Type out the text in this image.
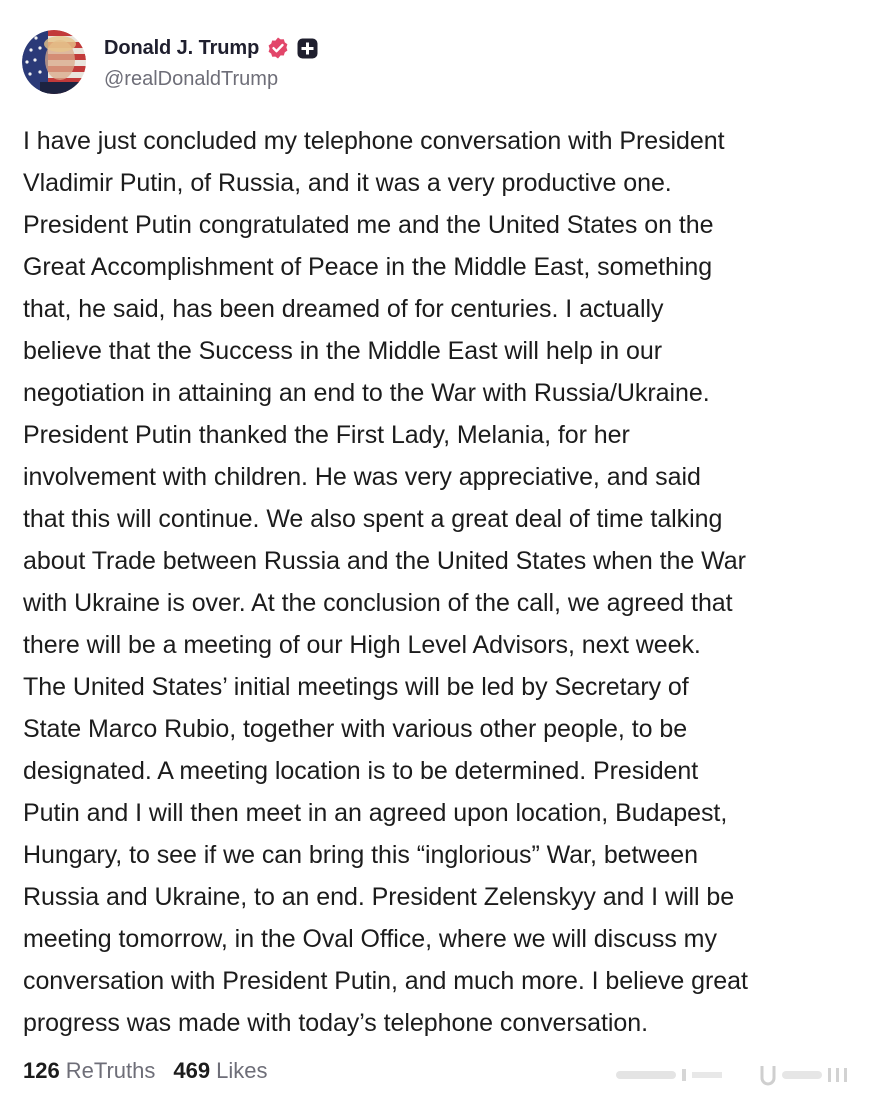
Donald J. Trump
@realDonaldTrump
I have just concluded my telephone conversation with President
Vladimir Putin, of Russia, and it was a very productive one.
President Putin congratulated me and the United States on the
Great Accomplishment of Peace in the Middle East, something
that, he said, has been dreamed of for centuries. I actually
believe that the Success in the Middle East will help in our
negotiation in attaining an end to the War with Russia/Ukraine.
President Putin thanked the First Lady, Melania, for her
involvement with children. He was very appreciative, and said
that this will continue. We also spent a great deal of time talking
about Trade between Russia and the United States when the War
with Ukraine is over. At the conclusion of the call, we agreed that
there will be a meeting of our High Level Advisors, next week.
The United States’ initial meetings will be led by Secretary of
State Marco Rubio, together with various other people, to be
designated. A meeting location is to be determined. President
Putin and I will then meet in an agreed upon location, Budapest,
Hungary, to see if we can bring this “inglorious” War, between
Russia and Ukraine, to an end. President Zelenskyy and I will be
meeting tomorrow, in the Oval Office, where we will discuss my
conversation with President Putin, and much more. I believe great
progress was made with today’s telephone conversation.
126 ReTruths 469 Likes
